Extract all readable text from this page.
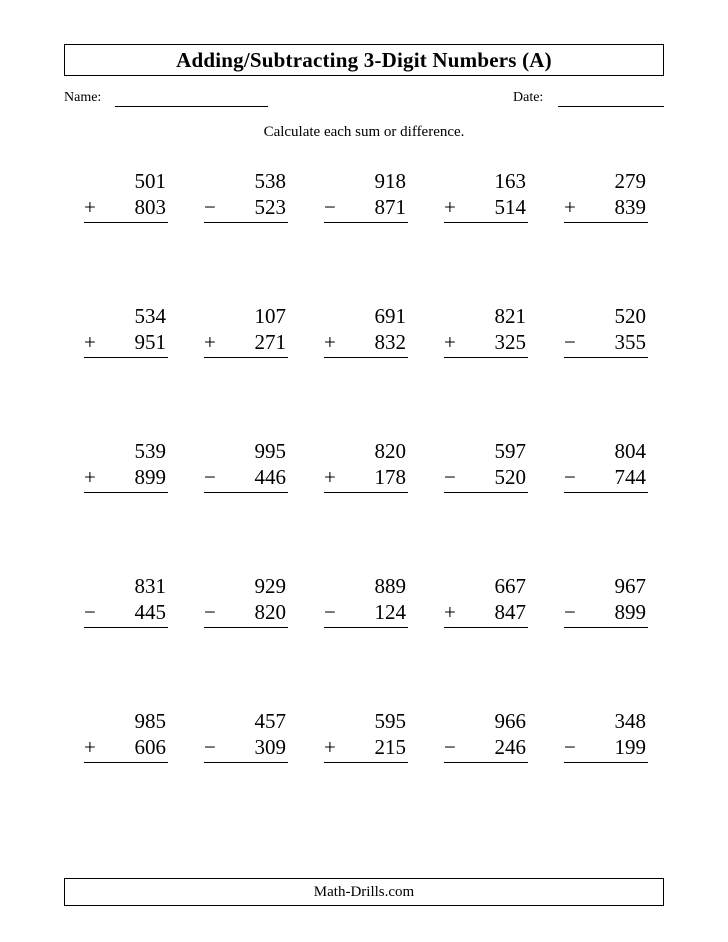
Adding/Subtracting 3-Digit Numbers (A)
Name:	Date:
Calculate each sum or difference.
501
+	803
538
−	523
918
−	871
163
+	514
279
+	839
534
+	951
107
+	271
691
+	832
821
+	325
520
−	355
539
+	899
995
−	446
820
+	178
597
−	520
804
−	744
831
−	445
929
−	820
889
−	124
667
+	847
967
−	899
985
+	606
457
−	309
595
+	215
966
−	246
348
−	199
Math-Drills.com
